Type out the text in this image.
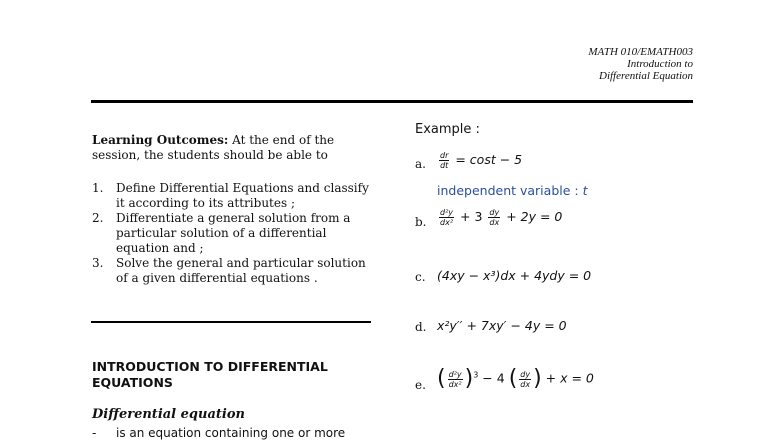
MATH 010/EMATH003
Introduction to
Differential Equation
Learning Outcomes: At the end of the session, the students should be able to
1. Define Differential Equations and classify it according to its attributes ;
2. Differentiate a general solution from a particular solution of a differential equation and ;
3. Solve the general and particular solution of a given differential equations .
INTRODUCTION TO DIFFERENTIAL
EQUATIONS
Differential equation
- is an equation containing one or more
Example :
a. $\frac{dr}{dt} = \cos t - 5$
independent variable : t
b. $\frac{\text{d²y}}{\text{dx²}} + 3 \frac{dy}{dx} + 2y = 0$
c. (4xy − x³)dx + 4ydy = 0
d. x²y′′ + 7xy′ − 4y = 0
e. ( $\frac{\text{d²y}}{\text{dx²}} )^3 - 4$ ( $\frac{dy}{dx}$ ) + x = 0
